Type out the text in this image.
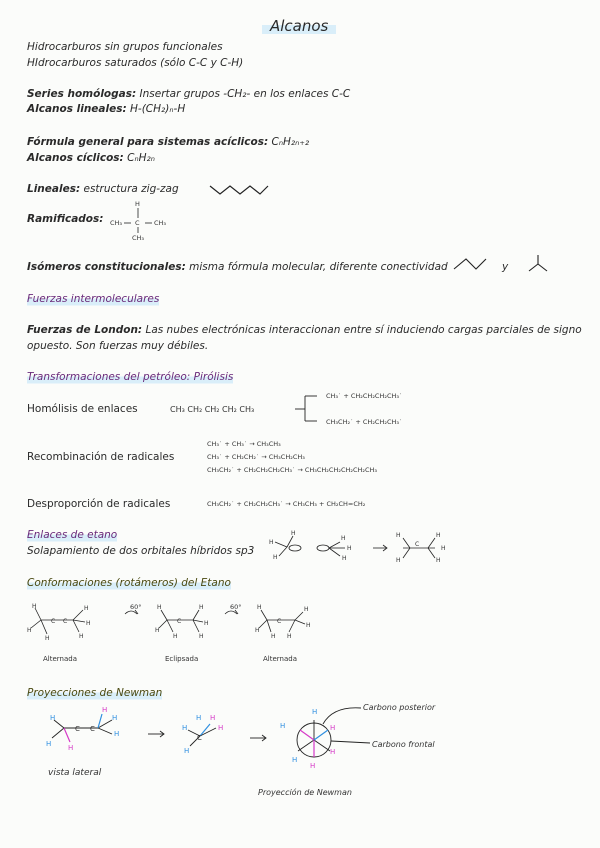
Alcanos
Hidrocarburos sin grupos funcionales
HIdrocarburos saturados (sólo C-C y C-H)
Series homólogas: Insertar grupos -CH₂- en los enlaces C-C
Alcanos lineales: H-(CH₂)ₙ-H
Fórmula general para sistemas acíclicos: CₙH₂ₙ₊₂
Alcanos cíclicos: CₙH₂ₙ
Lineales: estructura zig-zag
Ramificados:
H
CH₃ C CH₃
CH₃
Isómeros constitucionales: misma fórmula molecular, diferente conectividad	y
Fuerzas intermoleculares
Fuerzas de London: Las nubes electrónicas interaccionan entre sí induciendo cargas parciales de signo
opuesto. Son fuerzas muy débiles.
Transformaciones del petróleo: Pirólisis
Homólisis de enlaces	CH₃ CH₂ CH₂ CH₂ CH₃
CH₃˙ + CH₂CH₂CH₂CH₃˙
CH₃CH₂˙ + CH₂CH₂CH₃˙
Recombinación de radicales
CH₃˙ + CH₃˙ → CH₃CH₃
CH₃˙ + CH₂CH₂˙ → CH₃CH₂CH₃
CH₃CH₂˙ + CH₂CH₂CH₂CH₃˙ → CH₃CH₂CH₂CH₂CH₂CH₃
Desproporción de radicales	CH₃CH₂˙ + CH₂CH₂CH₃˙ → CH₃CH₃ + CH₂CH=CH₂
Enlaces de etano
Solapamiento de dos orbitales híbridos sp3
H
H
H
H
H
H
H
H
C
H
H
H
Conformaciones (rotámeros) del Etano
H
H
H
C C
H
H
H
H
H
H
C
H
H
H
H
H
H
C
H
H
H
60°	60°
Alternada	Eclipsada	Alternada
Proyecciones de Newman
H
H
H
H
H
H
H
H
H
H
H
H
H
H
H
H
H
C C
C
Carbono posterior
Carbono frontal
vista lateral
Proyección de Newman
